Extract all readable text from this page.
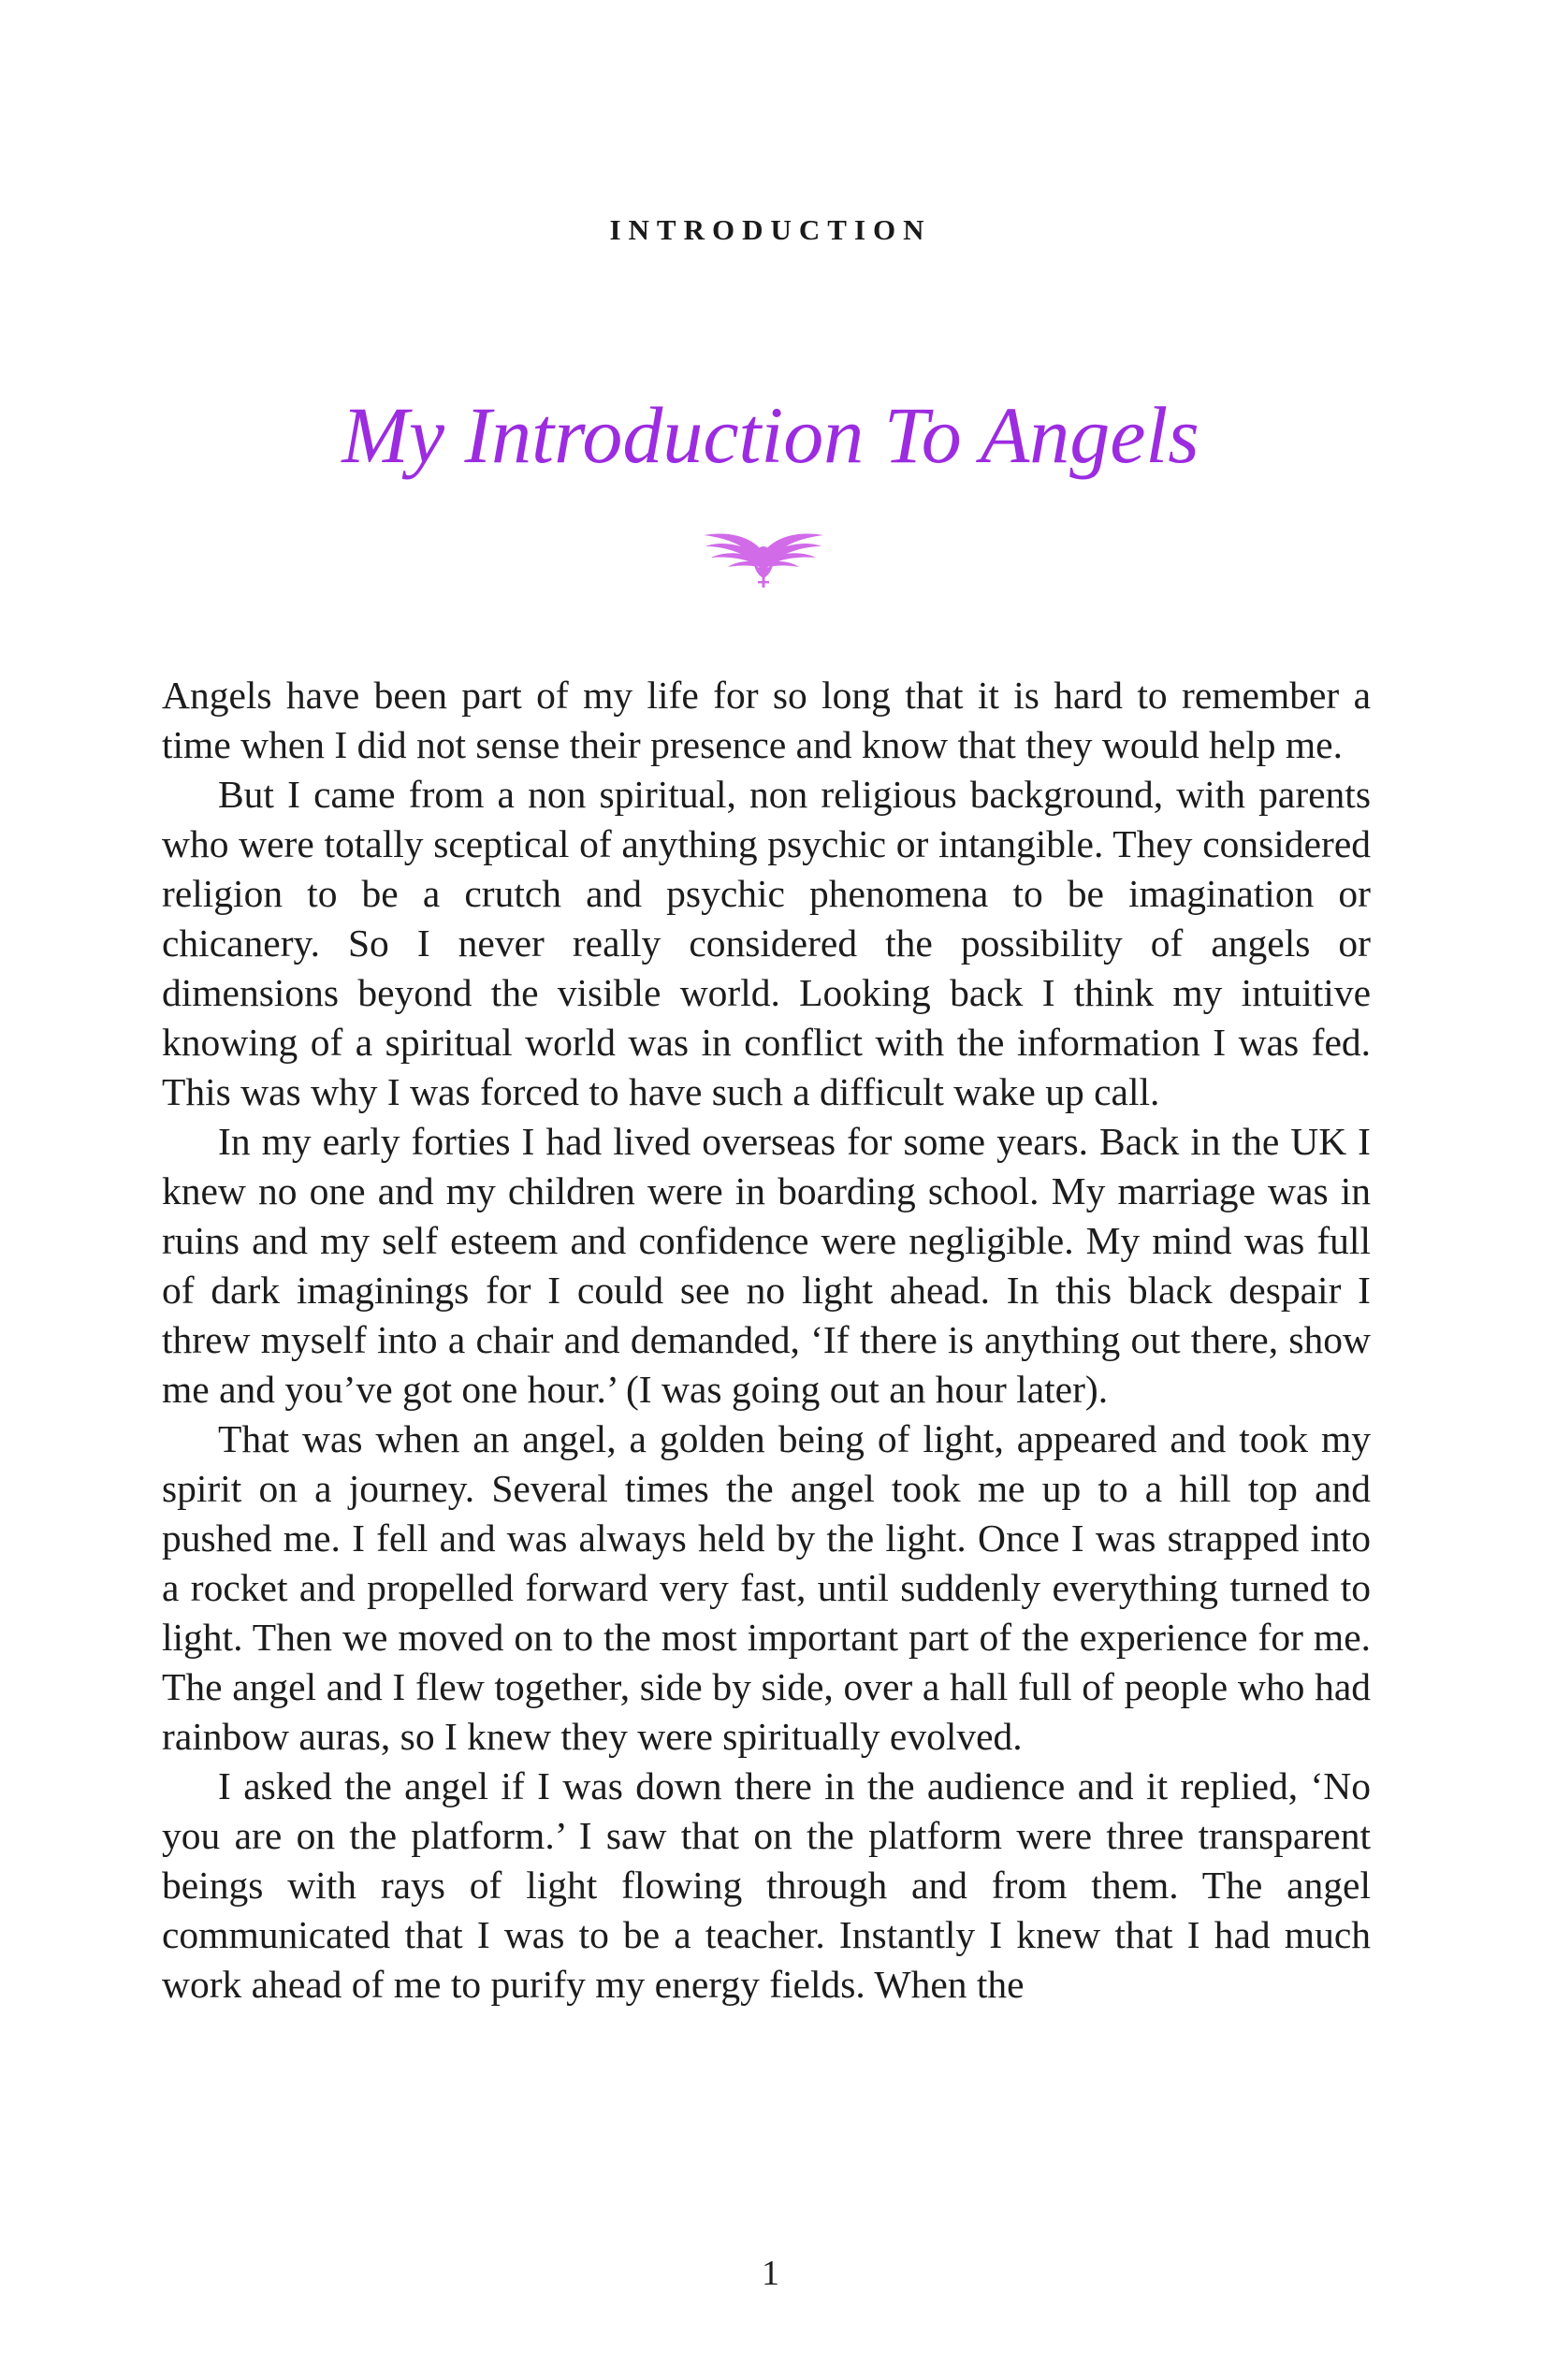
INTRODUCTION
My Introduction To Angels

Angels have been part of my life for so long that it is hard to remember a time when I did not sense their presence and know that they would help me.

But I came from a non spiritual, non religious background, with parents who were totally sceptical of anything psychic or intangible. They considered religion to be a crutch and psychic phenomena to be imagination or chicanery. So I never really considered the possibility of angels or dimensions beyond the visible world. Looking back I think my intuitive knowing of a spiritual world was in conflict with the information I was fed. This was why I was forced to have such a difficult wake up call.

In my early forties I had lived overseas for some years. Back in the UK I knew no one and my children were in boarding school. My marriage was in ruins and my self esteem and confidence were negligible. My mind was full of dark imaginings for I could see no light ahead. In this black despair I threw myself into a chair and demanded, ‘If there is anything out there, show me and you’ve got one hour.’ (I was going out an hour later).

That was when an angel, a golden being of light, appeared and took my spirit on a journey. Several times the angel took me up to a hill top and pushed me. I fell and was always held by the light. Once I was strapped into a rocket and propelled forward very fast, until suddenly everything turned to light. Then we moved on to the most important part of the experience for me. The angel and I flew together, side by side, over a hall full of people who had rainbow auras, so I knew they were spiritually evolved.

I asked the angel if I was down there in the audience and it replied, ‘No you are on the platform.’ I saw that on the platform were three transparent beings with rays of light flowing through and from them. The angel communicated that I was to be a teacher. Instantly I knew that I had much work ahead of me to purify my energy fields. When the

1
